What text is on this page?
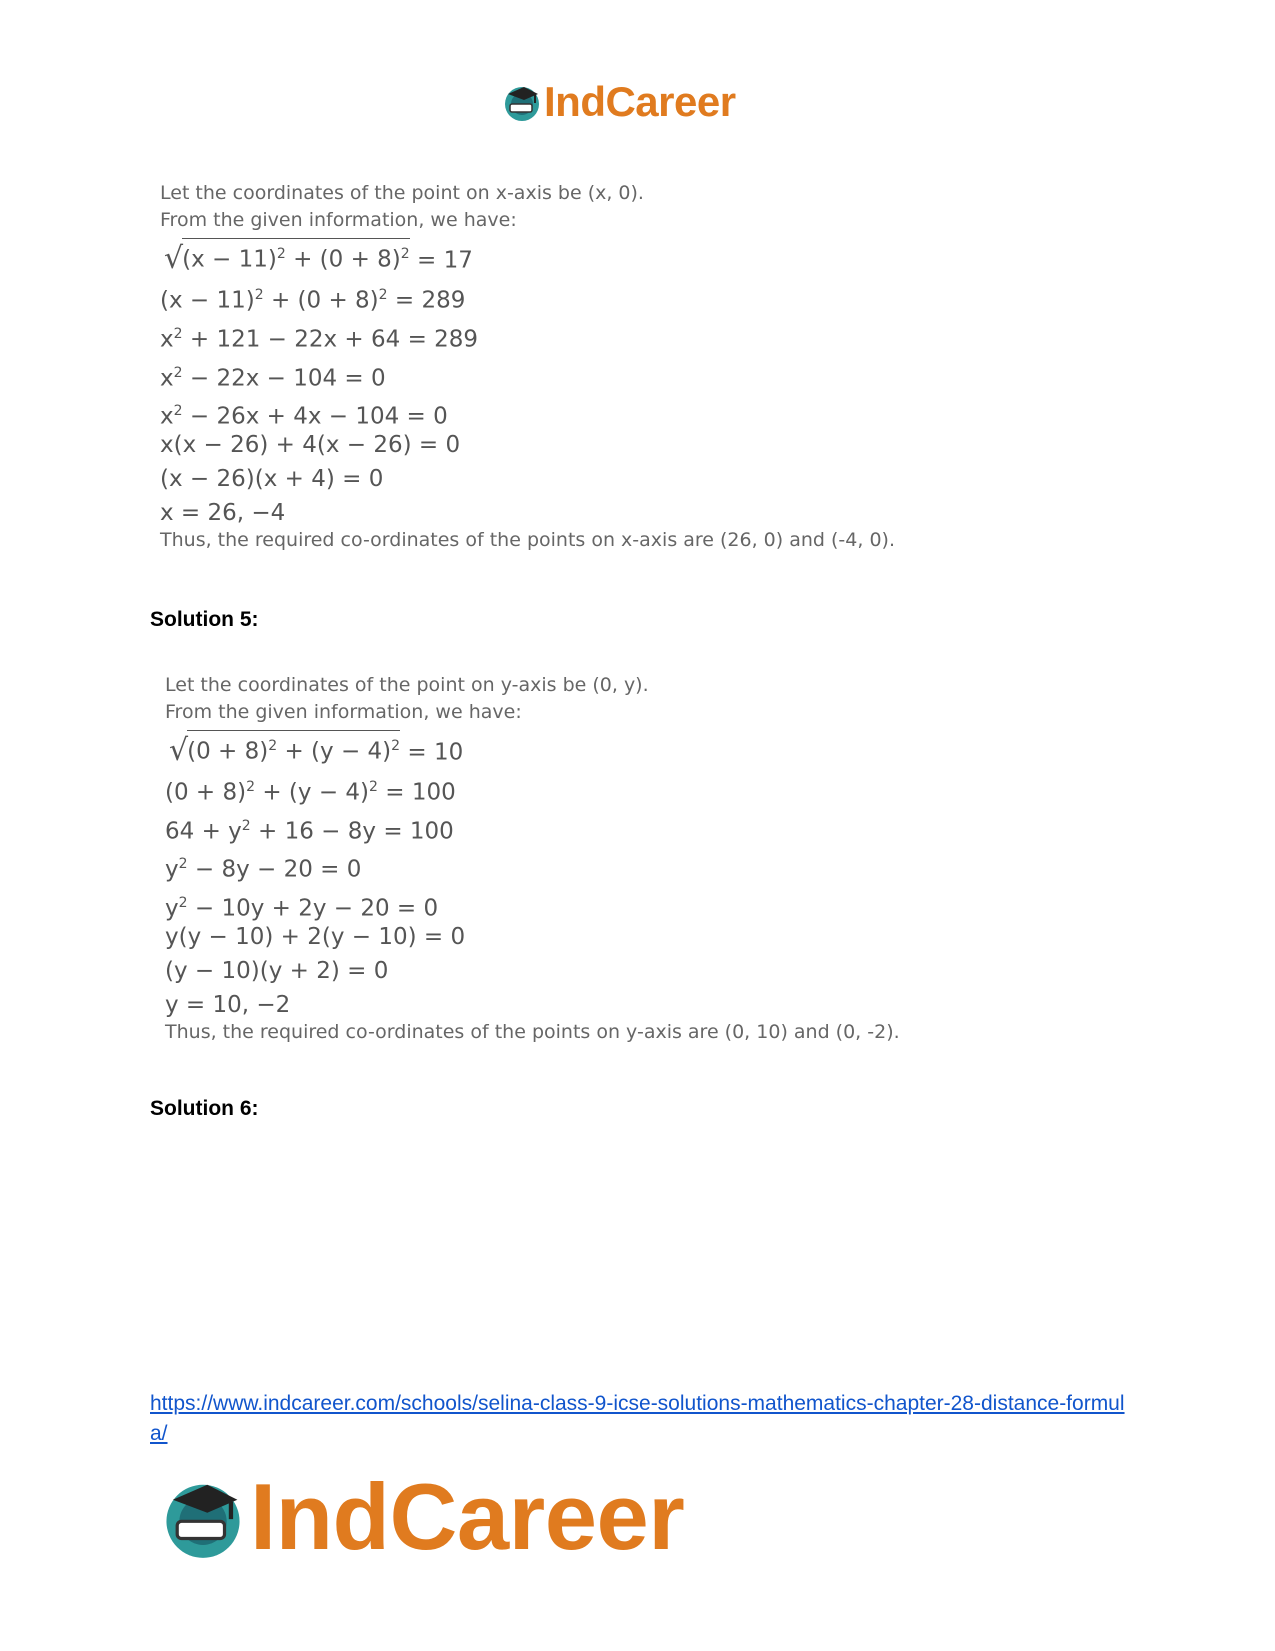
IndCareer
Let the coordinates of the point on x-axis be (x, 0).
From the given information, we have:
√ $(x - 11)^2 + (0 + 8)^2 = 17$
$(x - 11)^2 + (0 + 8)^2 = 289$
$x^2 + 121 - 22x + 64 = 289$
$x^2 - 22x - 104 = 0$
$x^2 - 26x + 4x - 104 = 0$
x(x − 26) + 4(x − 26) = 0
(x − 26)(x + 4) = 0
x = 26, −4
Thus, the required co-ordinates of the points on x-axis are (26, 0) and (-4, 0).
Solution 5:
Let the coordinates of the point on y-axis be (0, y).
From the given information, we have:
√ $(0 + 8)^2 + (y - 4)^2 = 10$
$(0 + 8)^2 + (y - 4)^2 = 100$
$64 + y^2 + 16 - 8y = 100$
$y^2 - 8y - 20 = 0$
$y^2 - 10y + 2y - 20 = 0$
y(y − 10) + 2(y − 10) = 0
(y − 10)(y + 2) = 0
y = 10, −2
Thus, the required co-ordinates of the points on y-axis are (0, 10) and (0, -2).
Solution 6:
https://www.indcareer.com/schools/selina-class-9-icse-solutions-mathematics-chapter-28-distance-formula/
IndCareer
